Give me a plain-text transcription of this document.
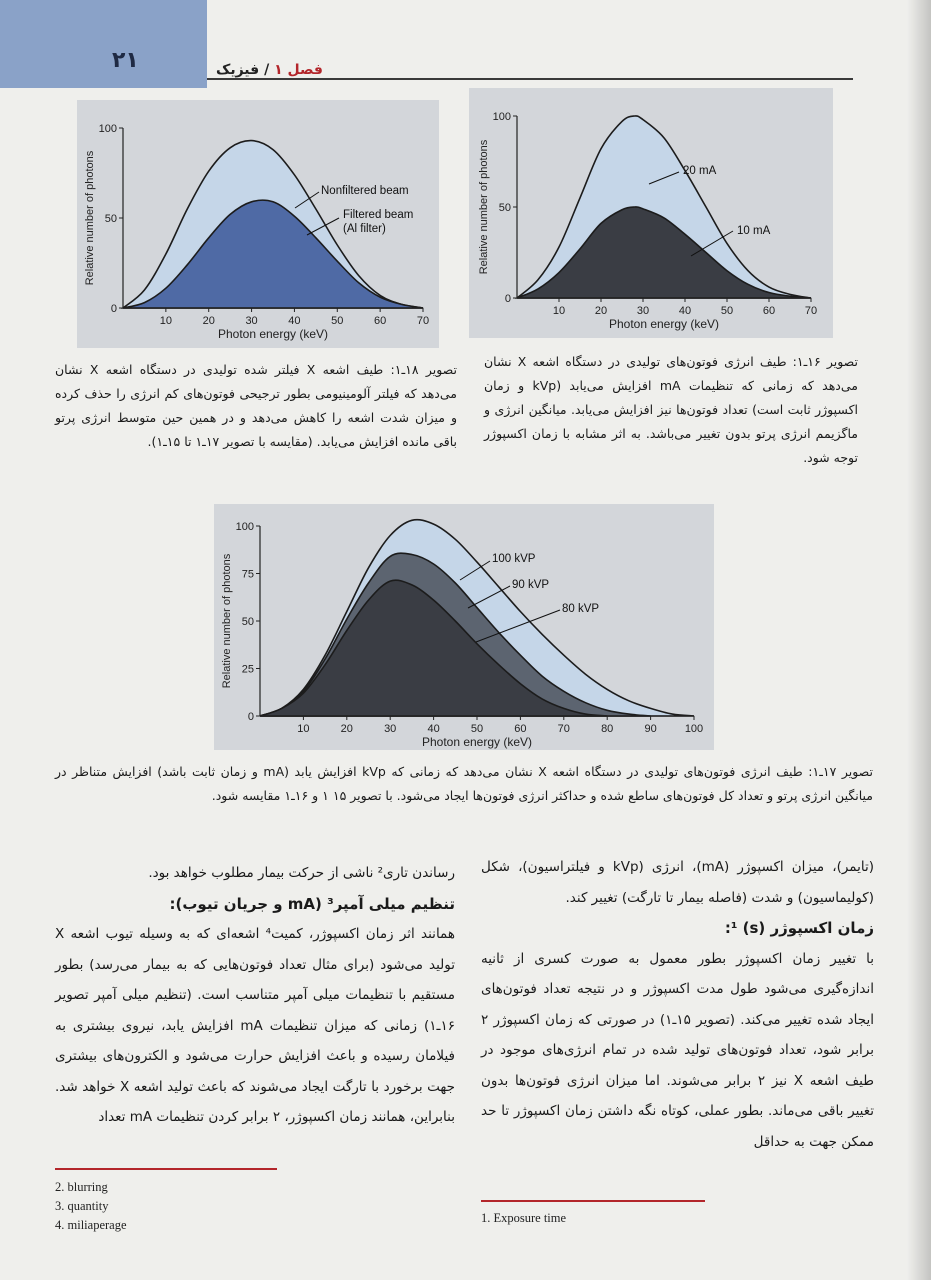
۲۱	فصل ۱ / فیزیک
10	20	30	40	50	60	70
0
50
100
Photon energy (keV)
Relative number of photons	20 mA
10 mA
10	20	30	40	50	60	70
0
50
100
Photon energy (keV)
Relative number of photons	Nonfiltered beam
Filtered beam
(Al filter)
تصویر ۱۶ـ۱: طیف انرژی فوتون‌های تولیدی در دستگاه اشعه X نشان می‌دهد که زمانی که تنظیمات mA افزایش می‌یابد (kVp و زمان اکسپوژر ثابت است) تعداد فوتون‌ها نیز افزایش می‌یابد. میانگین انرژی و ماگزیمم انرژی پرتو بدون تغییر می‌باشد. به اثر مشابه با زمان اکسپوژر توجه شود.
تصویر ۱۸ـ۱: طیف اشعه X فیلتر شده تولیدی در دستگاه اشعه X نشان می‌دهد که فیلتر آلومینیومی بطور ترجیحی فوتون‌های کم انرژی را حذف کرده و میزان شدت اشعه را کاهش می‌دهد و در همین حین متوسط انرژی پرتو باقی مانده افزایش می‌یابد. (مقایسه با تصویر ۱۷ـ۱ تا ۱۵ـ۱).
10	20	30	40	50	60	70	80	90	100
0
25
50
75
100
Photon energy (keV)
Relative number of photons	100 kVP
90 kVP
80 kVP
تصویر ۱۷ـ۱: طیف انرژی فوتون‌های تولیدی در دستگاه اشعه X نشان می‌دهد که زمانی که kVp افزایش یابد (mA و زمان ثابت باشد) افزایش متناظر در میانگین انرژی پرتو و تعداد کل فوتون‌های ساطع شده و حداکثر انرژی فوتون‌ها ایجاد می‌شود. با تصویر ۱۵ ۱ و ۱۶ـ۱ مقایسه شود.
(تایمر)، میزان اکسپوژر (mA)، انرژی (kVp و فیلتراسیون)، شکل (کولیماسیون) و شدت (فاصله بیمار تا تارگت) تغییر کند.
زمان اکسپوژر (s) ¹:
با تغییر زمان اکسپوژر بطور معمول به صورت کسری از ثانیه اندازه‌گیری می‌شود طول مدت اکسپوژر و در نتیجه تعداد فوتون‌های ایجاد شده تغییر می‌کند. (تصویر ۱۵ـ۱) در صورتی که زمان اکسپوژر ۲ برابر شود، تعداد فوتون‌های تولید شده در تمام انرژی‌های موجود در طیف اشعه X نیز ۲ برابر می‌شوند. اما میزان انرژی فوتون‌ها بدون تغییر باقی می‌ماند. بطور عملی، کوتاه نگه داشتن زمان اکسپوژر تا حد ممکن جهت به حداقل
رساندن تاری² ناشی از حرکت بیمار مطلوب خواهد بود.
تنظیم میلی آمپر³ (mA و جریان تیوب):
همانند اثر زمان اکسپوژر، کمیت⁴ اشعه‌ای که به وسیله تیوب اشعه X تولید می‌شود (برای مثال تعداد فوتون‌هایی که به بیمار می‌رسد) بطور مستقیم با تنظیمات میلی آمپر متناسب است. (تنظیم میلی آمپر تصویر ۱۶ـ۱) زمانی که میزان تنظیمات mA افزایش یابد، نیروی بیشتری به فیلامان رسیده و باعث افزایش حرارت می‌شود و الکترون‌های بیشتری جهت برخورد با تارگت ایجاد می‌شوند که باعث تولید اشعه X خواهد شد. بنابراین، همانند زمان اکسپوژر، ۲ برابر کردن تنظیمات mA تعداد
2. blurring
3. quantity
4. miliaperage	1. Exposure time
